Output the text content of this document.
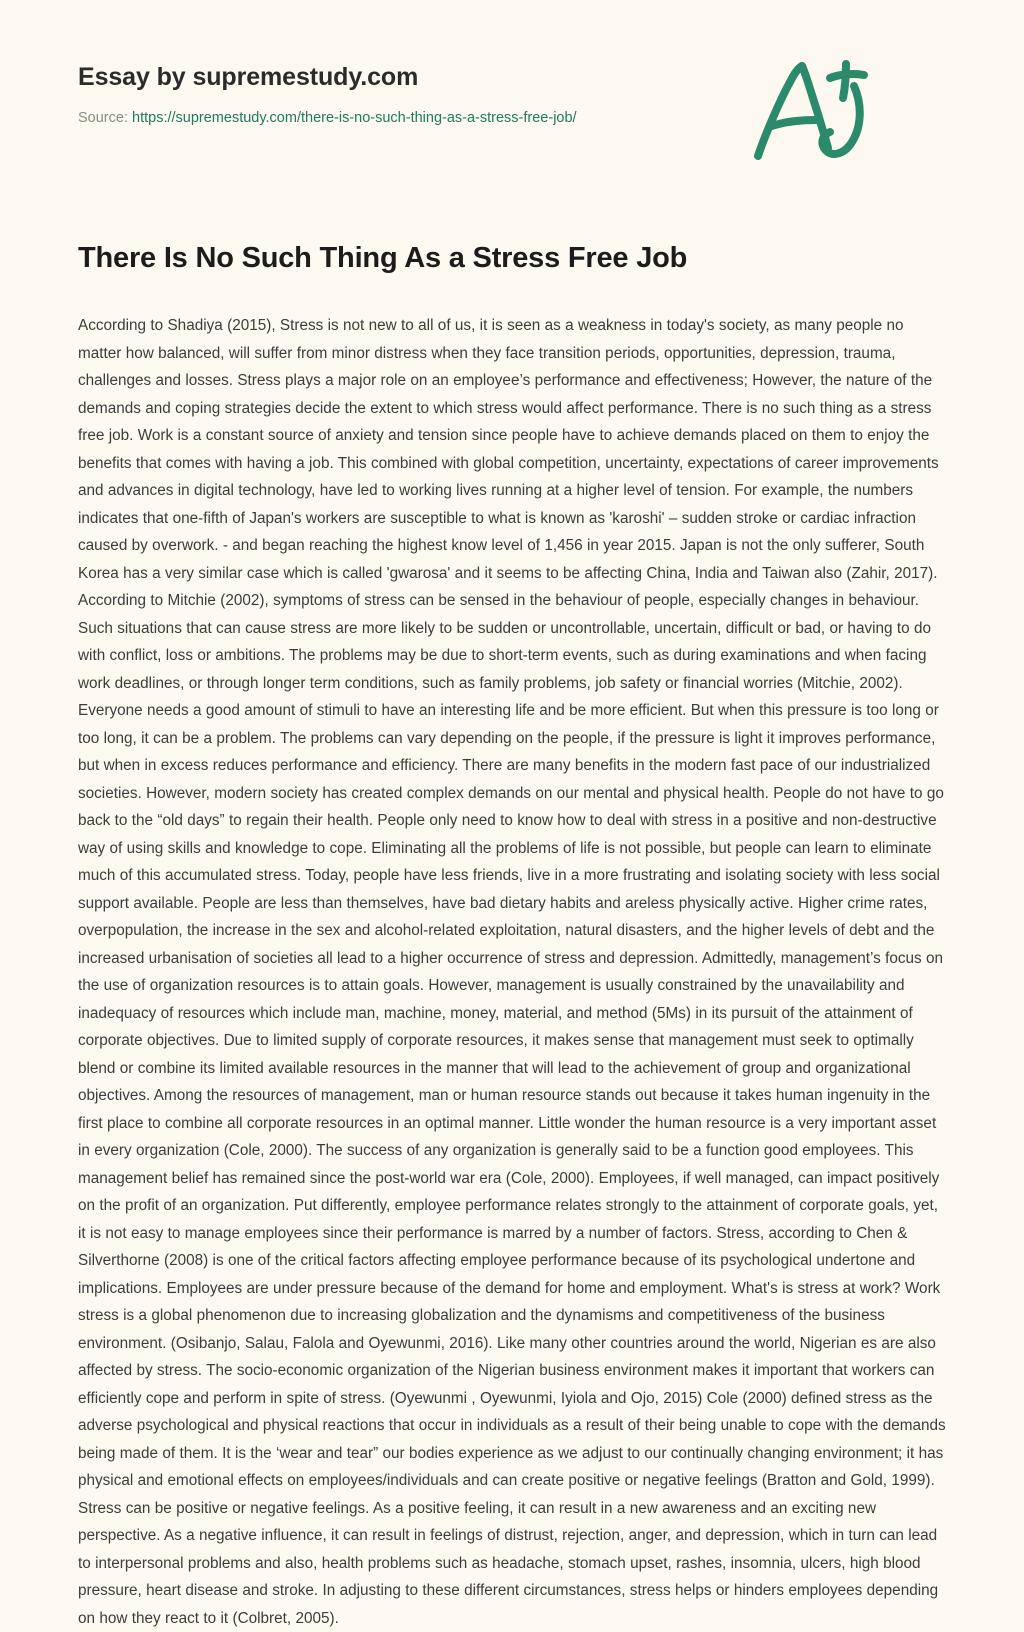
Essay by supremestudy.com
Source: https://supremestudy.com/there-is-no-such-thing-as-a-stress-free-job/
There Is No Such Thing As a Stress Free Job

According to Shadiya (2015), Stress is not new to all of us, it is seen as a weakness in today's society, as many people no matter how balanced, will suffer from minor distress when they face transition periods, opportunities, depression, trauma, challenges and losses. Stress plays a major role on an employee’s performance and effectiveness; However, the nature of the demands and coping strategies decide the extent to which stress would affect performance. There is no such thing as a stress free job. Work is a constant source of anxiety and tension since people have to achieve demands placed on them to enjoy the benefits that comes with having a job. This combined with global competition, uncertainty, expectations of career improvements and advances in digital technology, have led to working lives running at a higher level of tension. For example, the numbers indicates that one-fifth of Japan's workers are susceptible to what is known as 'karoshi' – sudden stroke or cardiac infraction caused by overwork. - and began reaching the highest know level of 1,456 in year 2015. Japan is not the only sufferer, South Korea has a very similar case which is called 'gwarosa' and it seems to be affecting China, India and Taiwan also (Zahir, 2017). According to Mitchie (2002), symptoms of stress can be sensed in the behaviour of people, especially changes in behaviour. Such situations that can cause stress are more likely to be sudden or uncontrollable, uncertain, difficult or bad, or having to do with conflict, loss or ambitions. The problems may be due to short-term events, such as during examinations and when facing work deadlines, or through longer term conditions, such as family problems, job safety or financial worries (Mitchie, 2002). Everyone needs a good amount of stimuli to have an interesting life and be more efficient. But when this pressure is too long or too long, it can be a problem. The problems can vary depending on the people, if the pressure is light it improves performance, but when in excess reduces performance and efficiency. There are many benefits in the modern fast pace of our industrialized societies. However, modern society has created complex demands on our mental and physical health. People do not have to go back to the “old days” to regain their health. People only need to know how to deal with stress in a positive and non-destructive way of using skills and knowledge to cope. Eliminating all the problems of life is not possible, but people can learn to eliminate much of this accumulated stress. Today, people have less friends, live in a more frustrating and isolating society with less social support available. People are less than themselves, have bad dietary habits and areless physically active. Higher crime rates, overpopulation, the increase in the sex and alcohol-related exploitation, natural disasters, and the higher levels of debt and the increased urbanisation of societies all lead to a higher occurrence of stress and depression. Admittedly, management’s focus on the use of organization resources is to attain goals. However, management is usually constrained by the unavailability and inadequacy of resources which include man, machine, money, material, and method (5Ms) in its pursuit of the attainment of corporate objectives. Due to limited supply of corporate resources, it makes sense that management must seek to optimally blend or combine its limited available resources in the manner that will lead to the achievement of group and organizational objectives. Among the resources of management, man or human resource stands out because it takes human ingenuity in the first place to combine all corporate resources in an optimal manner. Little wonder the human resource is a very important asset in every organization (Cole, 2000). The success of any organization is generally said to be a function good employees. This management belief has remained since the post-world war era (Cole, 2000). Employees, if well managed, can impact positively on the profit of an organization. Put differently, employee performance relates strongly to the attainment of corporate goals, yet, it is not easy to manage employees since their performance is marred by a number of factors. Stress, according to Chen & Silverthorne (2008) is one of the critical factors affecting employee performance because of its psychological undertone and implications. Employees are under pressure because of the demand for home and employment. What's is stress at work? Work stress is a global phenomenon due to increasing globalization and the dynamisms and competitiveness of the business environment. (Osibanjo, Salau, Falola and Oyewunmi, 2016). Like many other countries around the world, Nigerian es are also affected by stress. The socio-economic organization of the Nigerian business environment makes it important that workers can efficiently cope and perform in spite of stress. (Oyewunmi , Oyewunmi, Iyiola and Ojo, 2015) Cole (2000) defined stress as the adverse psychological and physical reactions that occur in individuals as a result of their being unable to cope with the demands being made of them. It is the ‘wear and tear” our bodies experience as we adjust to our continually changing environment; it has physical and emotional effects on employees/individuals and can create positive or negative feelings (Bratton and Gold, 1999). Stress can be positive or negative feelings. As a positive feeling, it can result in a new awareness and an exciting new perspective. As a negative influence, it can result in feelings of distrust, rejection, anger, and depression, which in turn can lead to interpersonal problems and also, health problems such as headache, stomach upset, rashes, insomnia, ulcers, high blood pressure, heart disease and stroke. In adjusting to these different circumstances, stress helps or hinders employees depending on how they react to it (Colbret, 2005).
